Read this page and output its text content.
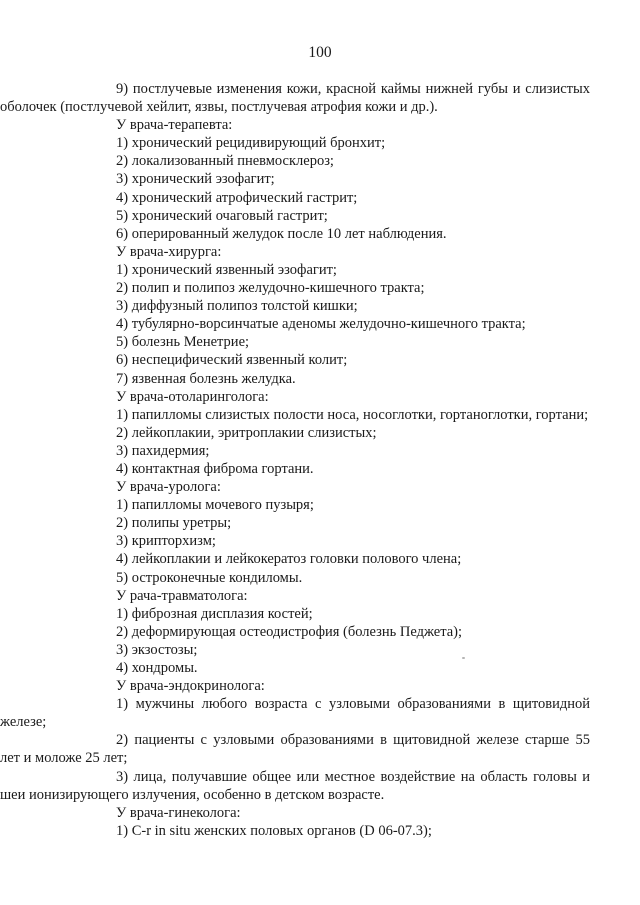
100

9) постлучевые изменения кожи, красной каймы нижней губы и слизистых оболочек (постлучевой хейлит, язвы, постлучевая атрофия кожи и др.).

У врача-терапевта:

1) хронический рецидивирующий бронхит;

2) локализованный пневмосклероз;

3) хронический эзофагит;

4) хронический атрофический гастрит;

5) хронический очаговый гастрит;

6) оперированный желудок после 10 лет наблюдения.

У врача-хирурга:

1) хронический язвенный эзофагит;

2) полип и полипоз желудочно-кишечного тракта;

3) диффузный полипоз толстой кишки;

4) тубулярно-ворсинчатые аденомы желудочно-кишечного тракта;

5) болезнь Менетрие;

6) неспецифический язвенный колит;

7) язвенная болезнь желудка.

У врача-отоларинголога:

1) папилломы слизистых полости носа, носоглотки, гортаноглотки, гортани;

2) лейкоплакии, эритроплакии слизистых;

3) пахидермия;

4) контактная фиброма гортани.

У врача-уролога:

1) папилломы мочевого пузыря;

2) полипы уретры;

3) крипторхизм;

4) лейкоплакии и лейкокератоз головки полового члена;

5) остроконечные кондиломы.

У рача-травматолога:

1) фиброзная дисплазия костей;

2) деформирующая остеодистрофия (болезнь Педжета);

3) экзостозы;

4) хондромы.

У врача-эндокринолога:

1) мужчины любого возраста с узловыми образованиями в щитовидной железе;

2) пациенты с узловыми образованиями в щитовидной железе старше 55 лет и моложе 25 лет;

3) лица, получавшие общее или местное воздействие на область головы и шеи ионизирующего излучения, особенно в детском возрасте.

У врача-гинеколога:

1) C-r in situ женских половых органов (D 06-07.3);
